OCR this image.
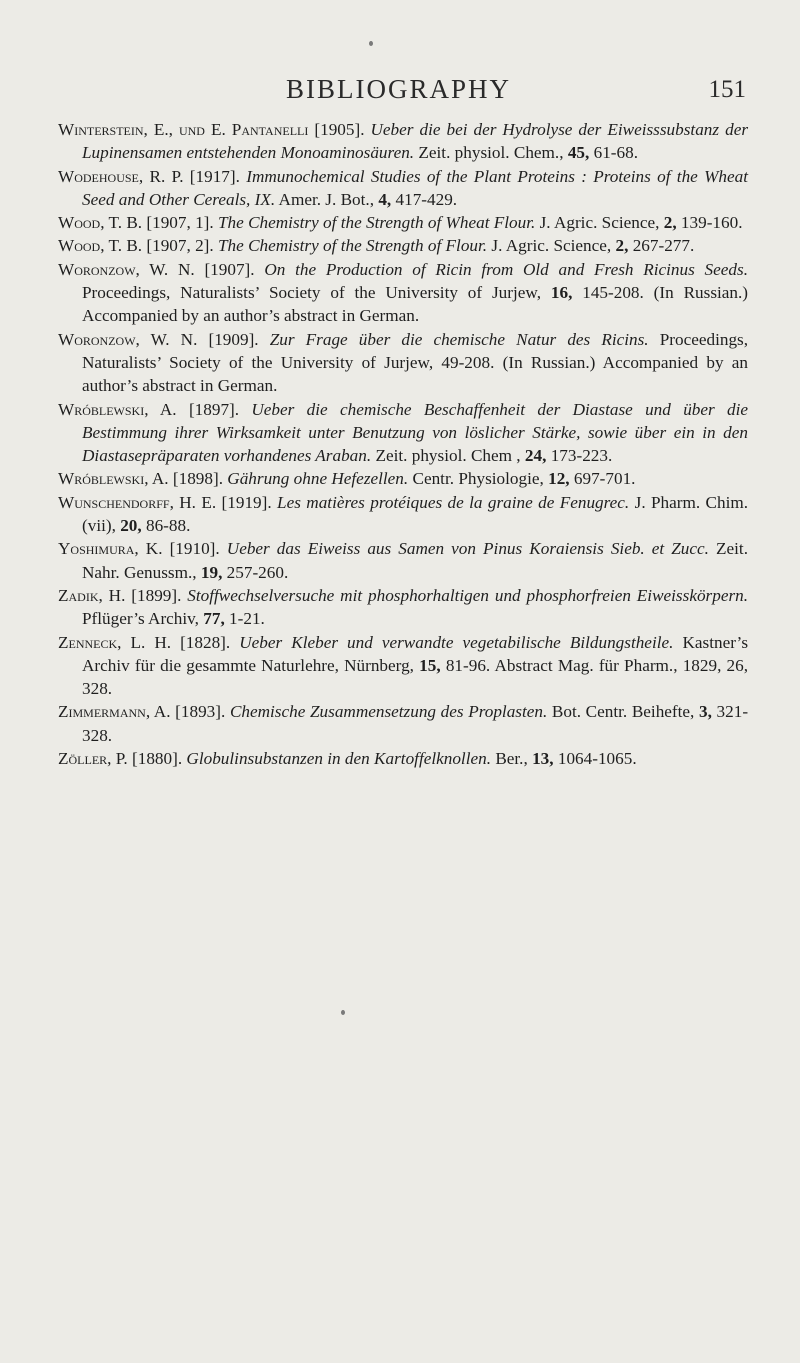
BIBLIOGRAPHY	151
Winterstein, E., und E. Pantanelli [1905]. Ueber die bei der Hydrolyse der Eiweisssubstanz der Lupinensamen entstehenden Monoaminosäuren. Zeit. physiol. Chem., 45, 61-68.
Wodehouse, R. P. [1917]. Immunochemical Studies of the Plant Proteins : Proteins of the Wheat Seed and Other Cereals, IX. Amer. J. Bot., 4, 417-429.
Wood, T. B. [1907, 1]. The Chemistry of the Strength of Wheat Flour. J. Agric. Science, 2, 139-160.
Wood, T. B. [1907, 2]. The Chemistry of the Strength of Flour. J. Agric. Science, 2, 267-277.
Woronzow, W. N. [1907]. On the Production of Ricin from Old and Fresh Ricinus Seeds. Proceedings, Naturalists’ Society of the University of Jurjew, 16, 145-208. (In Russian.) Accompanied by an author’s abstract in German.
Woronzow, W. N. [1909]. Zur Frage über die chemische Natur des Ricins. Proceedings, Naturalists’ Society of the University of Jurjew, 49-208. (In Russian.) Accompanied by an author’s abstract in German.
Wróblewski, A. [1897]. Ueber die chemische Beschaffenheit der Diastase und über die Bestimmung ihrer Wirksamkeit unter Benutzung von löslicher Stärke, sowie über ein in den Diastasepräparaten vorhandenes Araban. Zeit. physiol. Chem , 24, 173-223.
Wróblewski, A. [1898]. Gährung ohne Hefezellen. Centr. Physiologie, 12, 697-701.
Wunschendorff, H. E. [1919]. Les matières protéiques de la graine de Fenugrec. J. Pharm. Chim. (vii), 20, 86-88.
Yoshimura, K. [1910]. Ueber das Eiweiss aus Samen von Pinus Koraiensis Sieb. et Zucc. Zeit. Nahr. Genussm., 19, 257-260.
Zadik, H. [1899]. Stoffwechselversuche mit phosphorhaltigen und phosphorfreien Eiweisskörpern. Pflüger’s Archiv, 77, 1-21.
Zenneck, L. H. [1828]. Ueber Kleber und verwandte vegetabilische Bildungstheile. Kastner’s Archiv für die gesammte Naturlehre, Nürnberg, 15, 81-96. Abstract Mag. für Pharm., 1829, 26, 328.
Zimmermann, A. [1893]. Chemische Zusammensetzung des Proplasten. Bot. Centr. Beihefte, 3, 321-328.
Zöller, P. [1880]. Globulinsubstanzen in den Kartoffelknollen. Ber., 13, 1064-1065.
